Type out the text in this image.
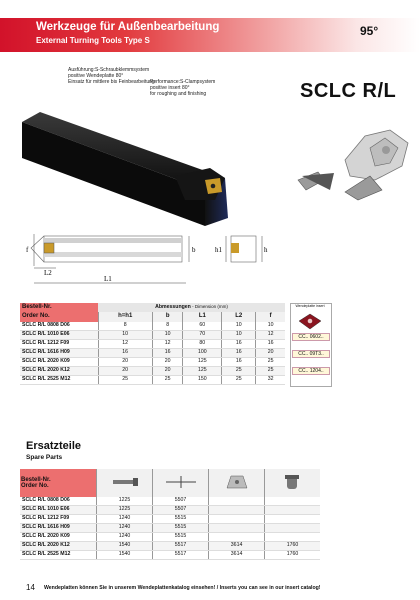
Werkzeuge für Außenbearbeitung
External Turning Tools Type S
95°
Ausführung:S-Schraubklemmsystem
positive Wendeplatte 80°
Einsatz für mittlere bis Feinbearbeitung
Performance:S-Clampsystem
positive insert 80°
for roughing and finishing	SCLC R/L
b	h1	h
L2
L1
f
Bestell-Nr.	Abmessungen - Dimension (mm)				
Order No.	h=h1	b	L1	L2	f
SCLC R/L 0808 D06	8	8	60	10	10
SCLC R/L 1010 E06	10	10	70	10	12
SCLC R/L 1212 F09	12	12	80	16	16
SCLC R/L 1616 H09	16	16	100	16	20
SCLC R/L 2020 K09	20	20	125	16	25
SCLC R/L 2020 K12	20	20	125	25	25
SCLC R/L 2525 M12	25	25	150	25	32
Wendeplatte insert
CC.. 0602..
CC.. 09T3..
CC.. 1204..
Ersatzteile
Spare Parts
Bestell-Nr.
Order No.

SCLC R/L 0808 D06	1225	5507		
SCLC R/L 1010 E06	1225	5507		
SCLC R/L 1212 F09	1240	5515		
SCLC R/L 1616 H09	1240	5515		
SCLC R/L 2020 K09	1240	5515		
SCLC R/L 2020 K12	1540	5517	3614	1760
SCLC R/L 2525 M12	1540	5517	3614	1760
14 Wendeplatten können Sie in unserem Wendeplattenkatalog einsehen! / Inserts you can see in our insert catalog!
